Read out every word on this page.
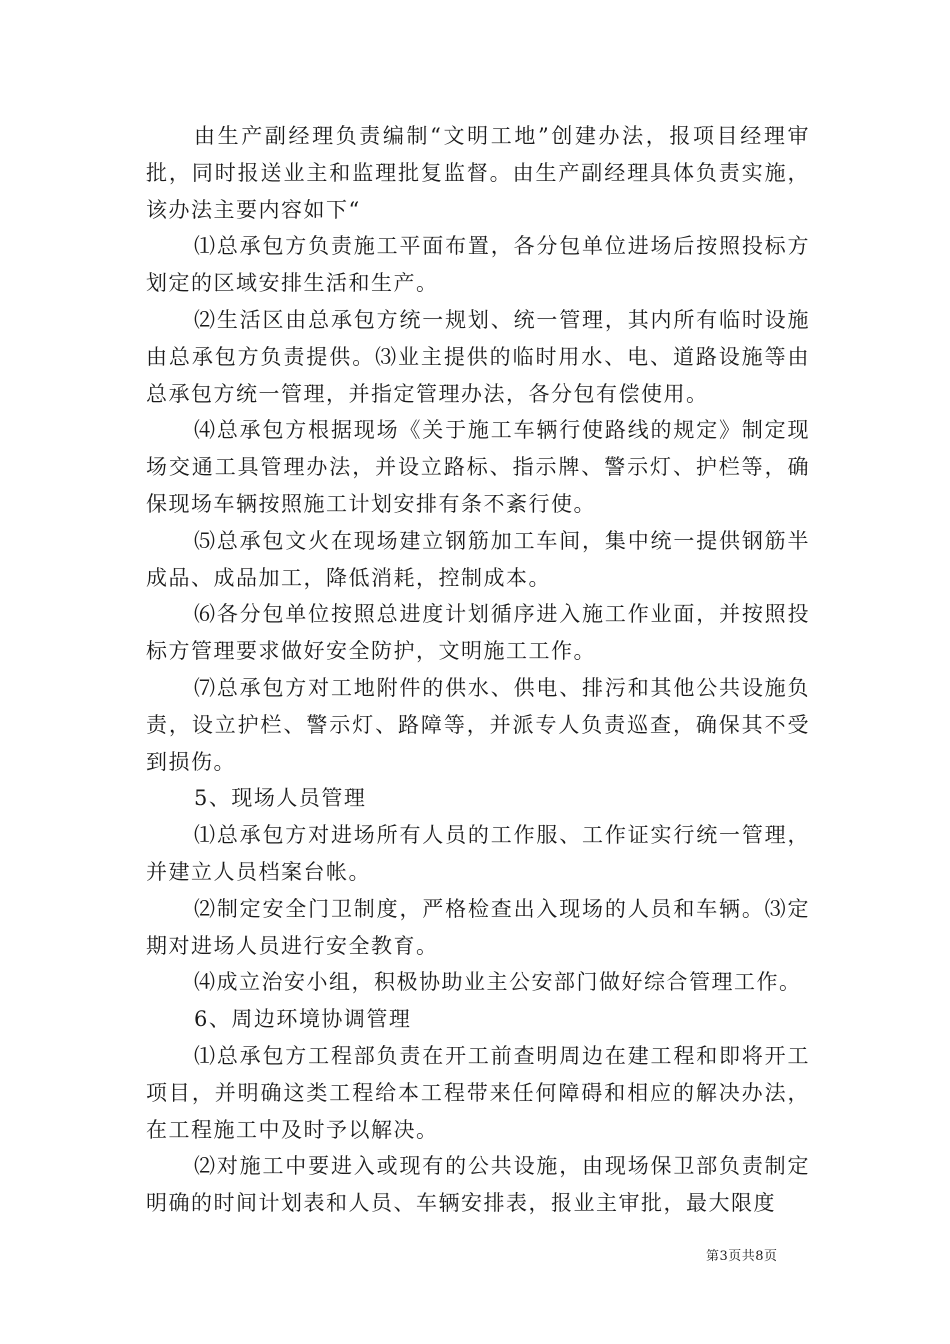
由生产副经理负责编制“文明工地”创建办法，报项目经理审批，同时报送业主和监理批复监督。由生产副经理具体负责实施，该办法主要内容如下“

⑴总承包方负责施工平面布置，各分包单位进场后按照投标方划定的区域安排生活和生产。

⑵生活区由总承包方统一规划、统一管理，其内所有临时设施由总承包方负责提供。⑶业主提供的临时用水、电、道路设施等由总承包方统一管理，并指定管理办法，各分包有偿使用。

⑷总承包方根据现场《关于施工车辆行使路线的规定》制定现场交通工具管理办法，并设立路标、指示牌、警示灯、护栏等，确保现场车辆按照施工计划安排有条不紊行使。

⑸总承包文火在现场建立钢筋加工车间，集中统一提供钢筋半成品、成品加工，降低消耗，控制成本。

⑹各分包单位按照总进度计划循序进入施工作业面，并按照投标方管理要求做好安全防护，文明施工工作。

⑺总承包方对工地附件的供水、供电、排污和其他公共设施负责，设立护栏、警示灯、路障等，并派专人负责巡查，确保其不受到损伤。

5、现场人员管理

⑴总承包方对进场所有人员的工作服、工作证实行统一管理，并建立人员档案台帐。

⑵制定安全门卫制度，严格检查出入现场的人员和车辆。⑶定期对进场人员进行安全教育。

⑷成立治安小组，积极协助业主公安部门做好综合管理工作。

6、周边环境协调管理

⑴总承包方工程部负责在开工前查明周边在建工程和即将开工项目，并明确这类工程给本工程带来任何障碍和相应的解决办法，在工程施工中及时予以解决。

⑵对施工中要进入或现有的公共设施，由现场保卫部负责制定明确的时间计划表和人员、车辆安排表，报业主审批，最大限度

第3页共8页
